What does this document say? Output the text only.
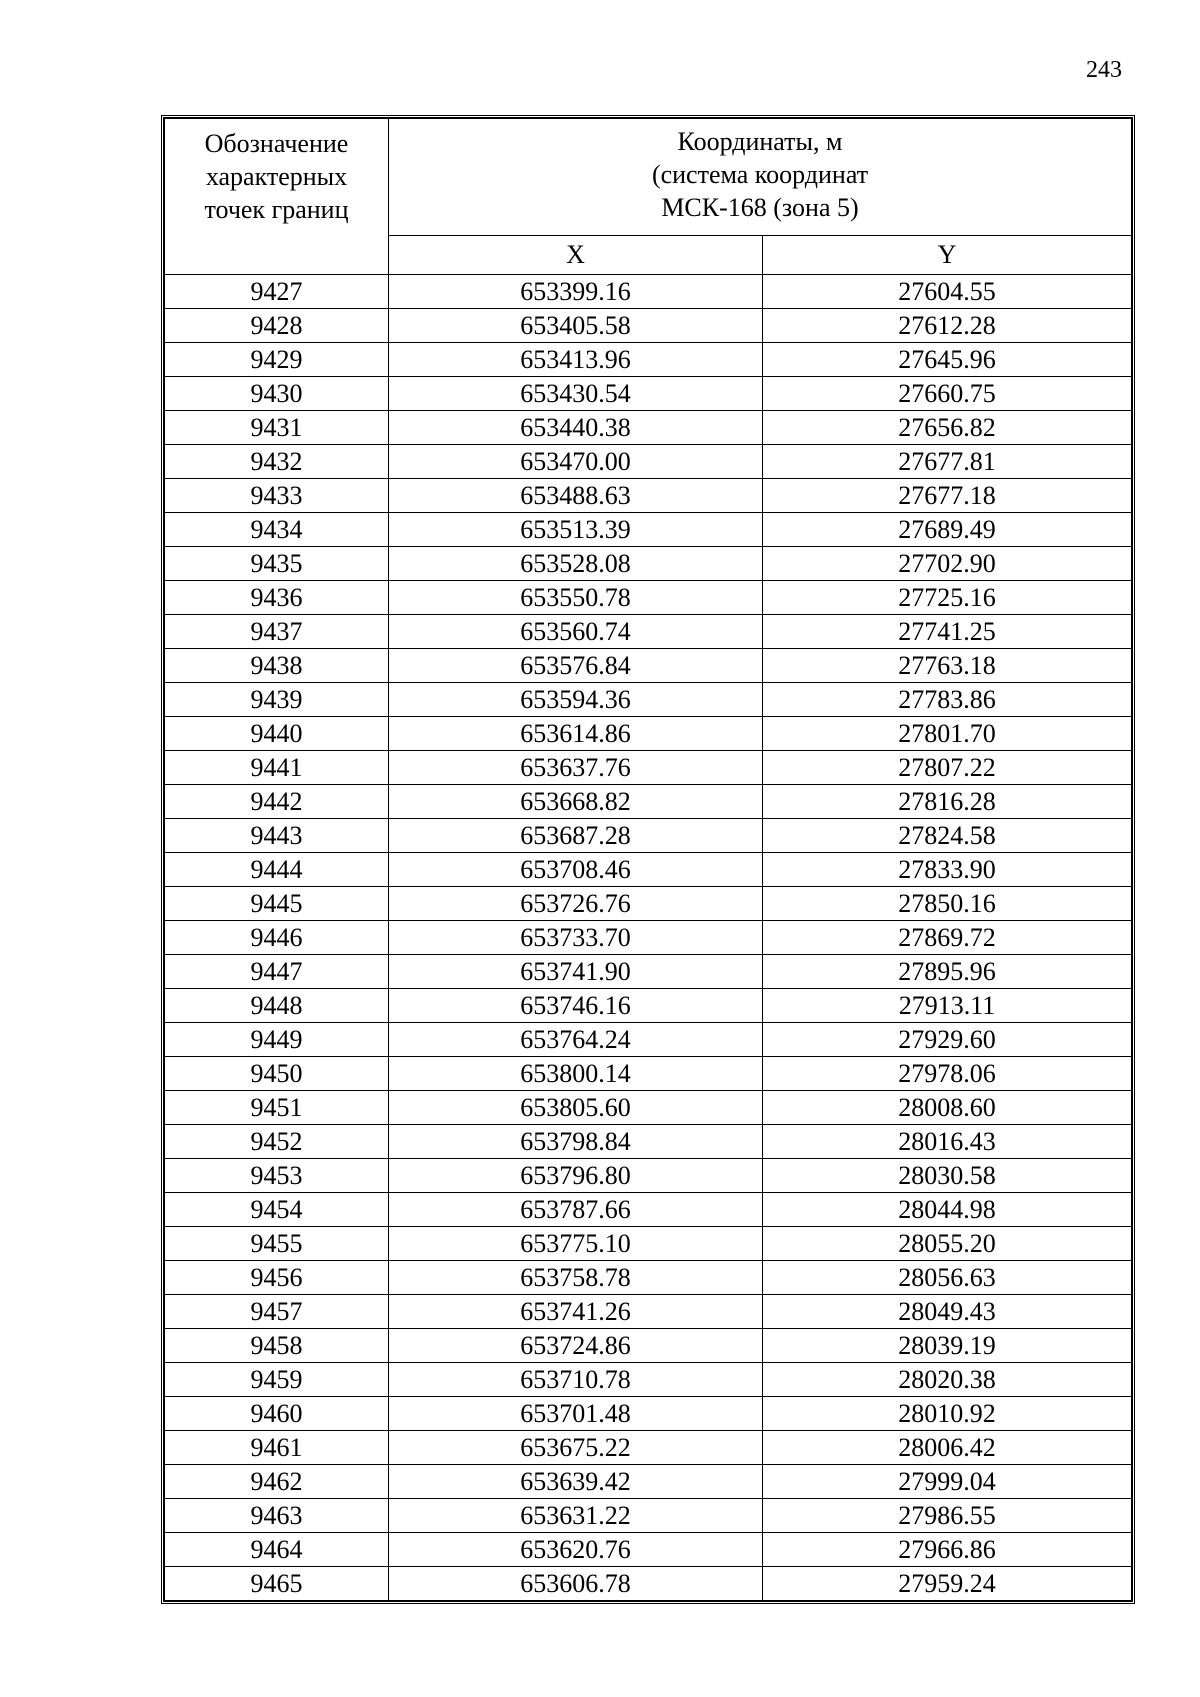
243
Обозначение
характерных
точек границ	Координаты, м
(система координат
МСК-168 (зона 5)	

	X	Y
9427	653399.16	27604.55
9428	653405.58	27612.28
9429	653413.96	27645.96
9430	653430.54	27660.75
9431	653440.38	27656.82
9432	653470.00	27677.81
9433	653488.63	27677.18
9434	653513.39	27689.49
9435	653528.08	27702.90
9436	653550.78	27725.16
9437	653560.74	27741.25
9438	653576.84	27763.18
9439	653594.36	27783.86
9440	653614.86	27801.70
9441	653637.76	27807.22
9442	653668.82	27816.28
9443	653687.28	27824.58
9444	653708.46	27833.90
9445	653726.76	27850.16
9446	653733.70	27869.72
9447	653741.90	27895.96
9448	653746.16	27913.11
9449	653764.24	27929.60
9450	653800.14	27978.06
9451	653805.60	28008.60
9452	653798.84	28016.43
9453	653796.80	28030.58
9454	653787.66	28044.98
9455	653775.10	28055.20
9456	653758.78	28056.63
9457	653741.26	28049.43
9458	653724.86	28039.19
9459	653710.78	28020.38
9460	653701.48	28010.92
9461	653675.22	28006.42
9462	653639.42	27999.04
9463	653631.22	27986.55
9464	653620.76	27966.86
9465	653606.78	27959.24
